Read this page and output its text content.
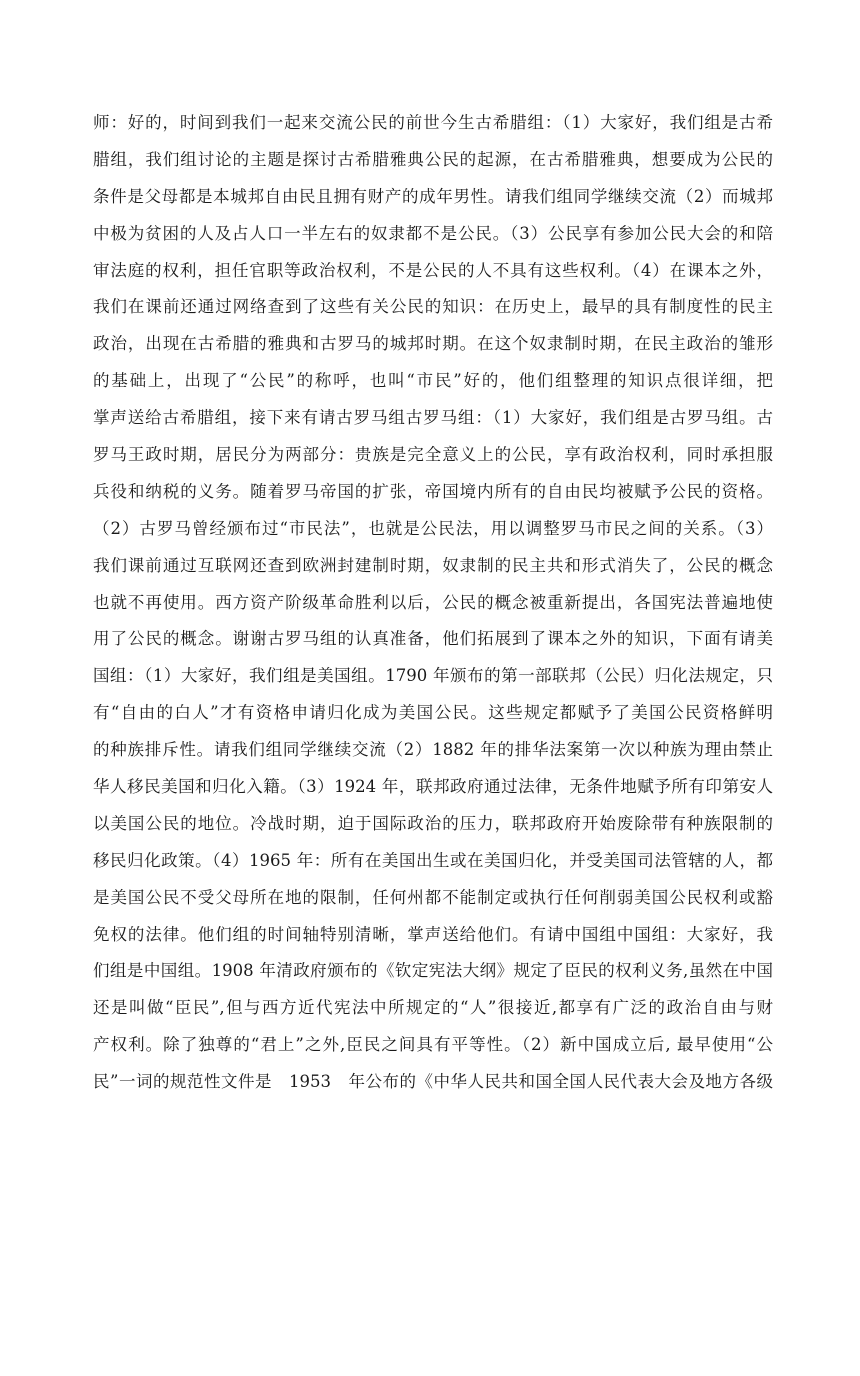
师：好的，时间到我们一起来交流公民的前世今生古希腊组：（1）大家好，我们组是古希
腊组，我们组讨论的主题是探讨古希腊雅典公民的起源，在古希腊雅典，想要成为公民的
条件是父母都是本城邦自由民且拥有财产的成年男性。请我们组同学继续交流（2）而城邦
中极为贫困的人及占人口一半左右的奴隶都不是公民。（3）公民享有参加公民大会的和陪
审法庭的权利，担任官职等政治权利，不是公民的人不具有这些权利。（4）在课本之外，
我们在课前还通过网络查到了这些有关公民的知识：在历史上，最早的具有制度性的民主
政治，出现在古希腊的雅典和古罗马的城邦时期。在这个奴隶制时期，在民主政治的雏形
的基础上，出现了“公民”的称呼，也叫“市民”好的，他们组整理的知识点很详细，把
掌声送给古希腊组，接下来有请古罗马组古罗马组：（1）大家好，我们组是古罗马组。古
罗马王政时期，居民分为两部分：贵族是完全意义上的公民，享有政治权利，同时承担服
兵役和纳税的义务。随着罗马帝国的扩张，帝国境内所有的自由民均被赋予公民的资格。
（2）古罗马曾经颁布过“市民法”，也就是公民法，用以调整罗马市民之间的关系。（3）
我们课前通过互联网还查到欧洲封建制时期，奴隶制的民主共和形式消失了，公民的概念
也就不再使用。西方资产阶级革命胜利以后，公民的概念被重新提出，各国宪法普遍地使
用了公民的概念。谢谢古罗马组的认真准备，他们拓展到了课本之外的知识，下面有请美
国组：（1）大家好，我们组是美国组。1790 年颁布的第一部联邦（公民）归化法规定，只
有“自由的白人”才有资格申请归化成为美国公民。这些规定都赋予了美国公民资格鲜明
的种族排斥性。请我们组同学继续交流（2）1882 年的排华法案第一次以种族为理由禁止
华人移民美国和归化入籍。（3）1924 年，联邦政府通过法律，无条件地赋予所有印第安人
以美国公民的地位。冷战时期，迫于国际政治的压力，联邦政府开始废除带有种族限制的
移民归化政策。（4）1965 年：所有在美国出生或在美国归化，并受美国司法管辖的人，都
是美国公民不受父母所在地的限制，任何州都不能制定或执行任何削弱美国公民权利或豁
免权的法律。他们组的时间轴特别清晰，掌声送给他们。有请中国组中国组：大家好，我
们组是中国组。1908 年清政府颁布的《钦定宪法大纲》规定了臣民的权利义务,虽然在中国
还是叫做“臣民”,但与西方近代宪法中所规定的“人”很接近,都享有广泛的政治自由与财
产权利。除了独尊的“君上”之外,臣民之间具有平等性。（2）新中国成立后, 最早使用“公
民”一词的规范性文件是　1953　年公布的《中华人民共和国全国人民代表大会及地方各级
